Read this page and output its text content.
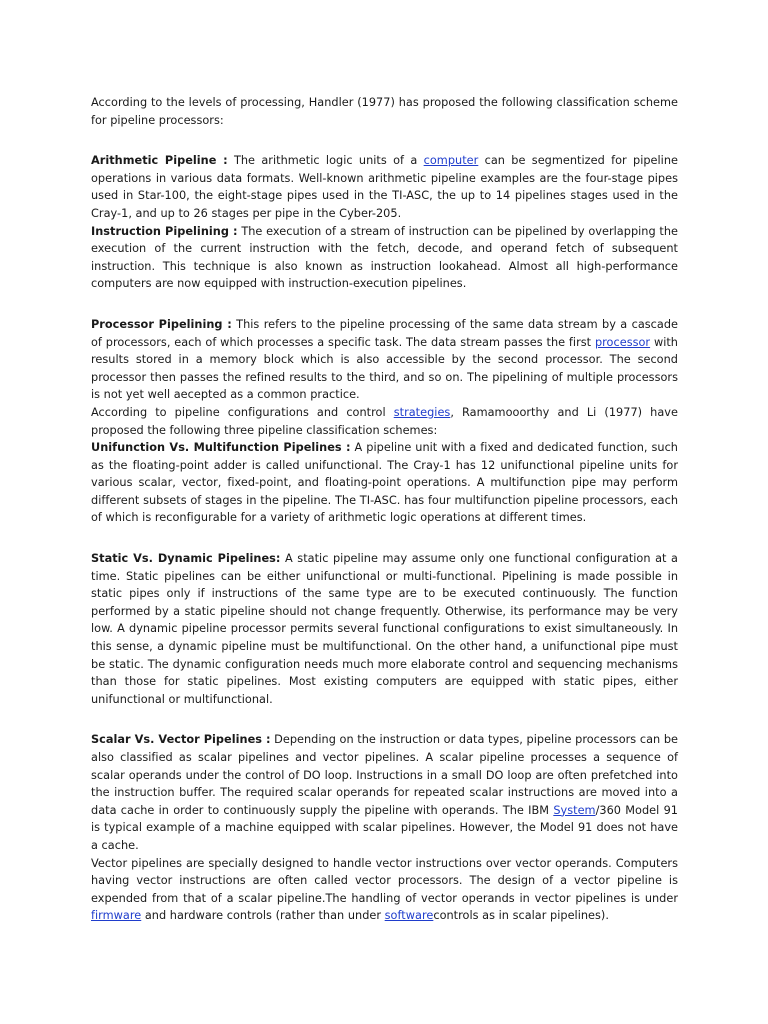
According to the levels of processing, Handler (1977) has proposed the following classification scheme for pipeline processors:

Arithmetic Pipeline : The arithmetic logic units of a computer can be segmentized for pipeline operations in various data formats. Well-known arithmetic pipeline examples are the four-stage pipes used in Star-100, the eight-stage pipes used in the TI-ASC, the up to 14 pipelines stages used in the Cray-1, and up to 26 stages per pipe in the Cyber-205.

Instruction Pipelining : The execution of a stream of instruction can be pipelined by overlapping the execution of the current instruction with the fetch, decode, and operand fetch of subsequent instruction. This technique is also known as instruction lookahead. Almost all high-performance computers are now equipped with instruction-execution pipelines.

Processor Pipelining : This refers to the pipeline processing of the same data stream by a cascade of processors, each of which processes a specific task. The data stream passes the first processor with results stored in a memory block which is also accessible by the second processor. The second processor then passes the refined results to the third, and so on. The pipelining of multiple processors is not yet well aecepted as a common practice.

According to pipeline configurations and control strategies, Ramamooorthy and Li (1977) have proposed the following three pipeline classification schemes:

Unifunction Vs. Multifunction Pipelines : A pipeline unit with a fixed and dedicated function, such as the floating-point adder is called unifunctional. The Cray-1 has 12 unifunctional pipeline units for various scalar, vector, fixed-point, and floating-point operations. A multifunction pipe may perform different subsets of stages in the pipeline. The TI-ASC. has four multifunction pipeline processors, each of which is reconfigurable for a variety of arithmetic logic operations at different times.

Static Vs. Dynamic Pipelines: A static pipeline may assume only one functional configuration at a time. Static pipelines can be either unifunctional or multi-functional. Pipelining is made possible in static pipes only if instructions of the same type are to be executed continuously. The function performed by a static pipeline should not change frequently. Otherwise, its performance may be very low. A dynamic pipeline processor permits several functional configurations to exist simultaneously. In this sense, a dynamic pipeline must be multifunctional. On the other hand, a unifunctional pipe must be static. The dynamic configuration needs much more elaborate control and sequencing mechanisms than those for static pipelines. Most existing computers are equipped with static pipes, either unifunctional or multifunctional.

Scalar Vs. Vector Pipelines : Depending on the instruction or data types, pipeline processors can be also classified as scalar pipelines and vector pipelines. A scalar pipeline processes a sequence of scalar operands under the control of DO loop. Instructions in a small DO loop are often prefetched into the instruction buffer. The required scalar operands for repeated scalar instructions are moved into a data cache in order to continuously supply the pipeline with operands. The IBM System/360 Model 91 is typical example of a machine equipped with scalar pipelines. However, the Model 91 does not have a cache.

Vector pipelines are specially designed to handle vector instructions over vector operands. Computers having vector instructions are often called vector processors. The design of a vector pipeline is expended from that of a scalar pipeline.The handling of vector operands in vector pipelines is under firmware and hardware controls (rather than under softwarecontrols as in scalar pipelines).
